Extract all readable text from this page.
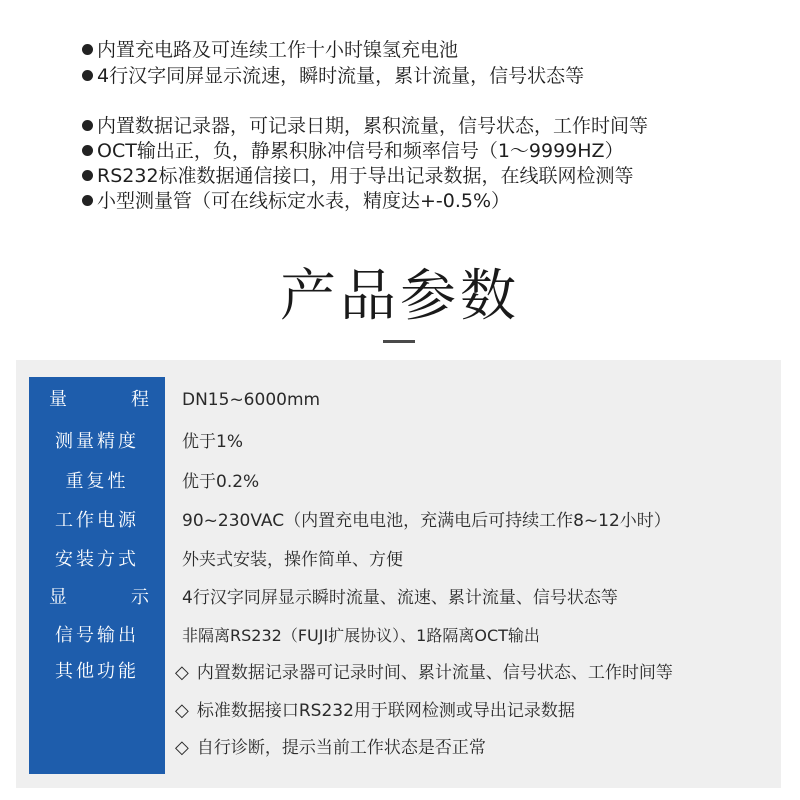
内置充电路及可连续工作十小时镍氢充电池
4行汉字同屏显示流速，瞬时流量，累计流量，信号状态等
内置数据记录器，可记录日期，累积流量，信号状态，工作时间等
OCT输出正，负，静累积脉冲信号和频率信号（1～9999HZ）
RS232标准数据通信接口，用于导出记录数据，在线联网检测等
小型测量管（可在线标定水表，精度达+-0.5%）
产品参数
量	程 DN15~6000mm
测量精度	优于1%
重复性	优于0.2%
工作电源	90~230VAC（内置充电电池，充满电后可持续工作8~12小时）
安装方式	外夹式安装，操作简单、方便
显	示 4行汉字同屏显示瞬时流量、流速、累计流量、信号状态等
信号输出	非隔离RS232（FUJI扩展协议）、1路隔离OCT输出
其他功能	◇ 内置数据记录器可记录时间、累计流量、信号状态、工作时间等
◇ 标准数据接口RS232用于联网检测或导出记录数据
◇ 自行诊断，提示当前工作状态是否正常
